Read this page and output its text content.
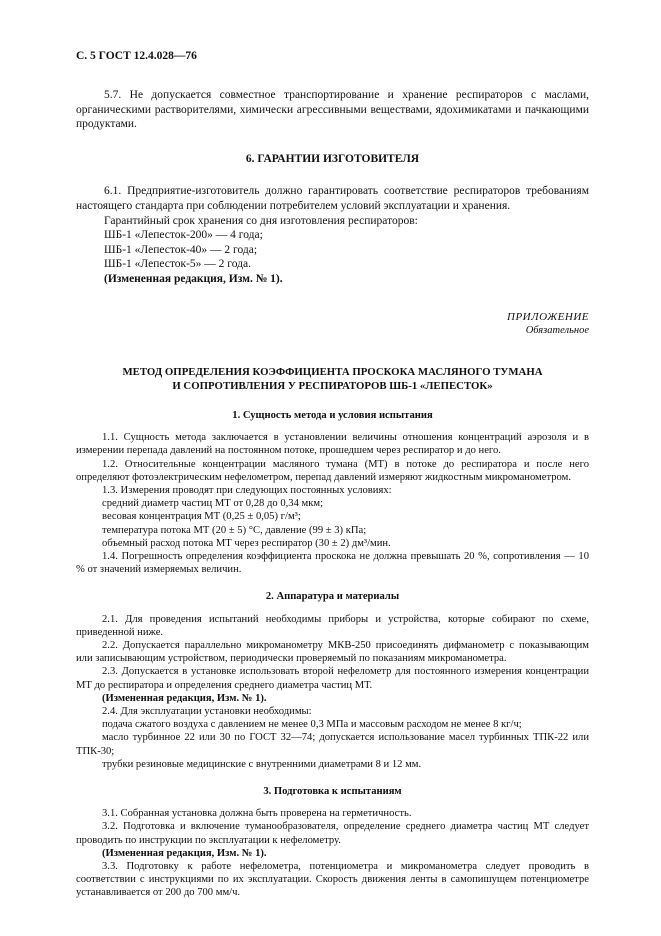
С. 5 ГОСТ 12.4.028—76

5.7. Не допускается совместное транспортирование и хранение респираторов с маслами, органическими растворителями, химически агрессивными веществами, ядохимикатами и пачкающими продуктами.

6. ГАРАНТИИ ИЗГОТОВИТЕЛЯ

6.1. Предприятие-изготовитель должно гарантировать соответствие респираторов требованиям настоящего стандарта при соблюдении потребителем условий эксплуатации и хранения.

Гарантийный срок хранения со дня изготовления респираторов:

ШБ-1 «Лепесток-200» — 4 года;

ШБ-1 «Лепесток-40» — 2 года;

ШБ-1 «Лепесток-5» — 2 года.

(Измененная редакция, Изм. № 1).

ПРИЛОЖЕНИЕ
Обязательное
МЕТОД ОПРЕДЕЛЕНИЯ КОЭФФИЦИЕНТА ПРОСКОКА МАСЛЯНОГО ТУМАНА
И СОПРОТИВЛЕНИЯ У РЕСПИРАТОРОВ ШБ-1 «ЛЕПЕСТОК»
1. Сущность метода и условия испытания

1.1. Сущность метода заключается в установлении величины отношения концентраций аэрозоля и в измерении перепада давлений на постоянном потоке, прошедшем через респиратор и до него.

1.2. Относительные концентрации масляного тумана (МТ) в потоке до респиратора и после него определяют фотоэлектрическим нефелометром, перепад давлений измеряют жидкостным микроманометром.

1.3. Измерения проводят при следующих постоянных условиях:

средний диаметр частиц МТ от 0,28 до 0,34 мкм;

весовая концентрация МТ (0,25 ± 0,05) г/м³;

температура потока МТ (20 ± 5) °С, давление (99 ± 3) кПа;

объемный расход потока МТ через респиратор (30 ± 2) дм³/мин.

1.4. Погрешность определения коэффициента проскока не должна превышать 20 %, сопротивления — 10 % от значений измеряемых величин.

2. Аппаратура и материалы

2.1. Для проведения испытаний необходимы приборы и устройства, которые собирают по схеме, приведенной ниже.

2.2. Допускается параллельно микроманометру МКВ-250 присоединять дифманометр с показывающим или записывающим устройством, периодически проверяемый по показаниям микроманометра.

2.3. Допускается в установке использовать второй нефелометр для постоянного измерения концентрации МТ до респиратора и определения среднего диаметра частиц МТ.

(Измененная редакция, Изм. № 1).

2.4. Для эксплуатации установки необходимы:

подача сжатого воздуха с давлением не менее 0,3 МПа и массовым расходом не менее 8 кг/ч;

масло турбинное 22 или 30 по ГОСТ 32—74; допускается использование масел турбинных ТПК-22 или ТПК-30;

трубки резиновые медицинские с внутренними диаметрами 8 и 12 мм.

3. Подготовка к испытаниям

3.1. Собранная установка должна быть проверена на герметичность.

3.2. Подготовка и включение туманообразователя, определение среднего диаметра частиц МТ следует проводить по инструкции по эксплуатации к нефелометру.

(Измененная редакция, Изм. № 1).

3.3. Подготовку к работе нефелометра, потенциометра и микроманометра следует проводить в соответствии с инструкциями по их эксплуатации. Скорость движения ленты в самопишущем потенциометре устанавливается от 200 до 700 мм/ч.
